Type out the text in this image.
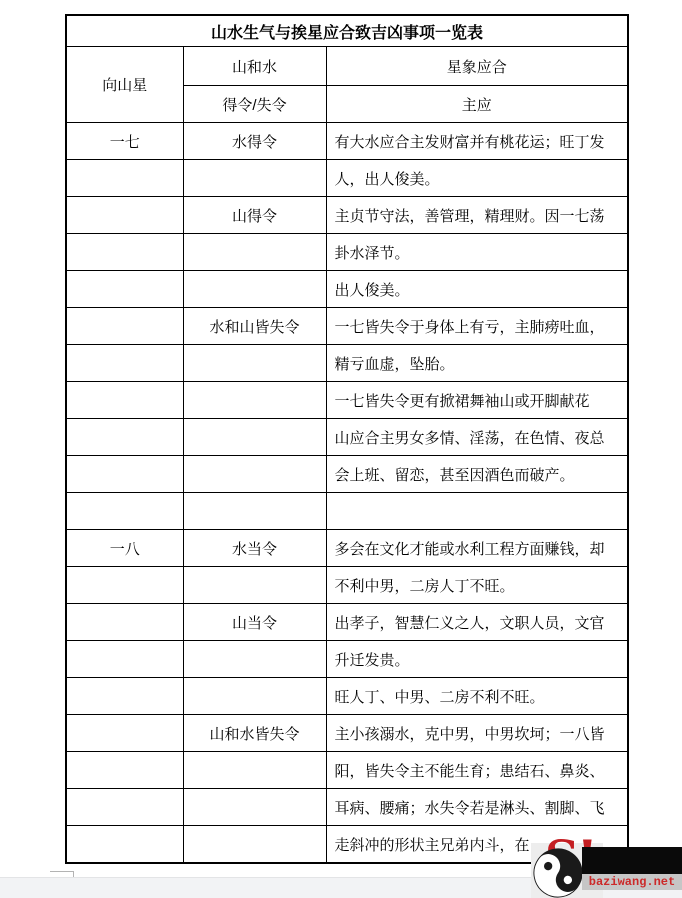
山水生气与挨星应合致吉凶事项一览表		
向山星	山和水	星象应合
	得令/失令	主应
一七	水得令	有大水应合主发财富并有桃花运；旺丁发
		人，出人俊美。
	山得令	主贞节守法，善管理，精理财。因一七荡
		卦水泽节。
		出人俊美。
	水和山皆失令	一七皆失令于身体上有亏，主肺痨吐血，
		精亏血虚，坠胎。
		一七皆失令更有掀裙舞袖山或开脚献花
		山应合主男女多情、淫荡，在色情、夜总
		会上班、留恋，甚至因酒色而破产。

一八	水当令	多会在文化才能或水利工程方面赚钱，却
		不利中男，二房人丁不旺。
	山当令	出孝子，智慧仁义之人，文职人员，文官
		升迁发贵。
		旺人丁、中男、二房不利不旺。
	山和水皆失令	主小孩溺水，克中男，中男坎坷；一八皆
		阳，皆失令主不能生育；患结石、鼻炎、
		耳病、腰痛；水失令若是淋头、割脚、飞
		走斜冲的形状主兄弟内斗，在
baziwang.net
